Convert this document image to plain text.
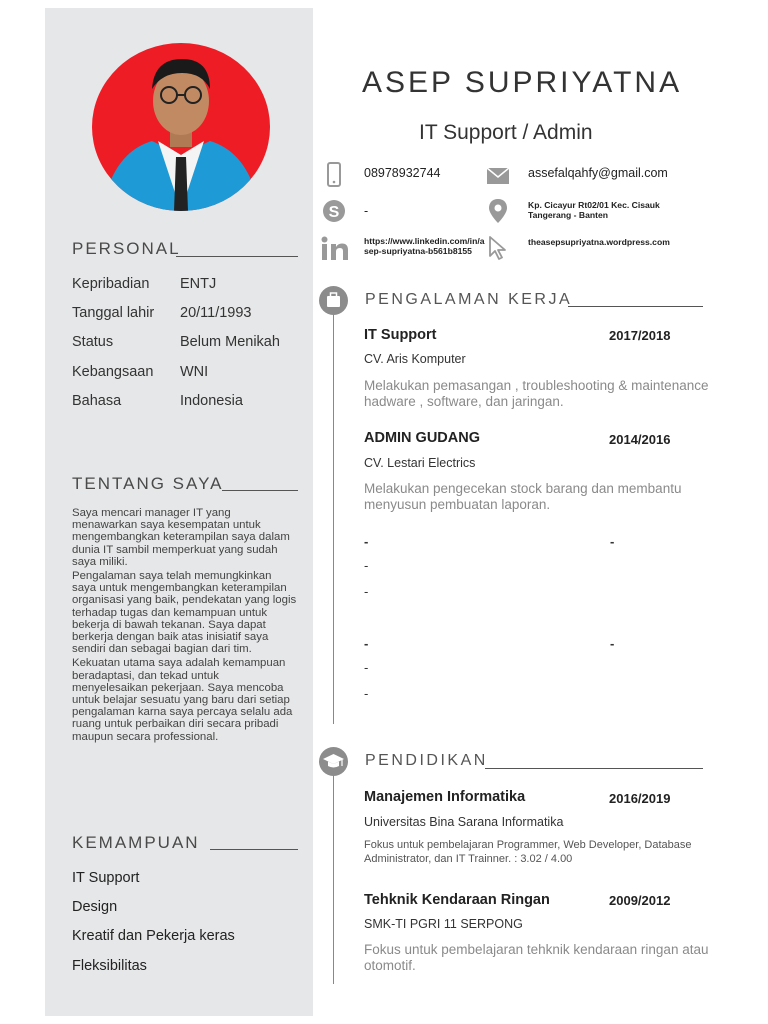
PERSONAL
Kepribadian ENTJ
Tanggal lahir 20/11/1993
Status	Belum Menikah
Kebangsaan WNI
Bahasa	Indonesia
TENTANG SAYA

Saya mencari manager IT yang menawarkan saya kesempatan untuk mengembangkan keterampilan saya dalam dunia IT sambil memperkuat yang sudah saya miliki.

Pengalaman saya telah memungkinkan saya untuk mengembangkan keterampilan organisasi yang baik, pendekatan yang logis terhadap tugas dan kemampuan untuk bekerja di bawah tekanan. Saya dapat berkerja dengan baik atas inisiatif saya sendiri dan sebagai bagian dari tim.

Kekuatan utama saya adalah kemampuan beradaptasi, dan tekad untuk menyelesaikan pekerjaan. Saya mencoba untuk belajar sesuatu yang baru dari setiap pengalaman karna saya percaya selalu ada ruang untuk perbaikan diri secara pribadi maupun secara professional.

KEMAMPUAN
IT Support
Design
Kreatif dan Pekerja keras
Fleksibilitas
ASEP SUPRIYATNA
IT Support / Admin
08978932744	assefalqahfy@gmail.com
S -	Kp. Cicayur Rt02/01 Kec. Cisauk
Tangerang - Banten
https://www.linkedin.com/in/a
sep-supriyatna-b561b8155
theasepsupriyatna.wordpress.com
PENGALAMAN KERJA
IT Support	2017/2018
CV. Aris Komputer
Melakukan pemasangan , troubleshooting & maintenance hadware , software, dan jaringan.
ADMIN GUDANG	2014/2016
CV. Lestari Electrics
Melakukan pengecekan stock barang dan membantu menyusun pembuatan laporan.
-	-
-
-
-	-
-
-
PENDIDIKAN
Manajemen Informatika	2016/2019
Universitas Bina Sarana Informatika
Fokus untuk pembelajaran Programmer, Web Developer, Database Administrator, dan IT Trainner. : 3.02 / 4.00
Tehknik Kendaraan Ringan	2009/2012
SMK-TI PGRI 11 SERPONG
Fokus untuk pembelajaran tehknik kendaraan ringan atau otomotif.
